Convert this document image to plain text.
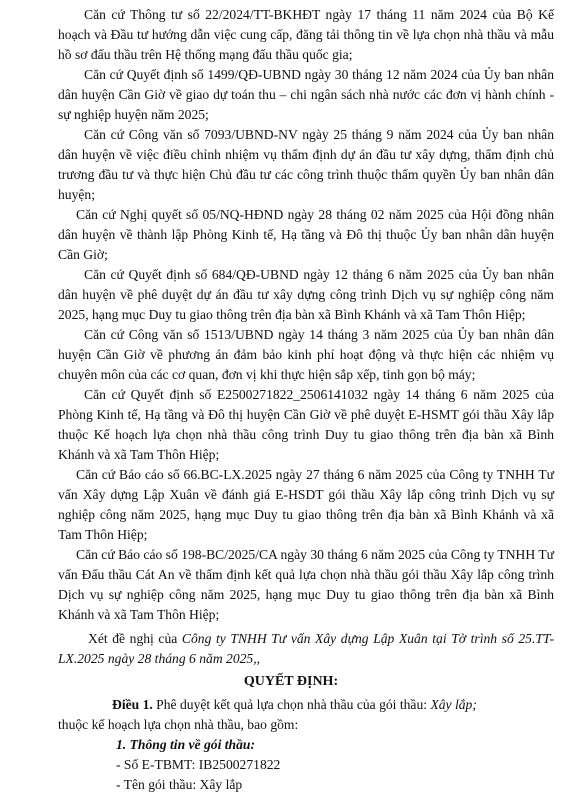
Căn cứ Thông tư số 22/2024/TT-BKHĐT ngày 17 tháng 11 năm 2024 của Bộ Kế hoạch và Đầu tư hướng dẫn việc cung cấp, đăng tải thông tin về lựa chọn nhà thầu và mẫu hồ sơ đấu thầu trên Hệ thống mạng đấu thầu quốc gia;

Căn cứ Quyết định số 1499/QĐ-UBND ngày 30 tháng 12 năm 2024 của Ủy ban nhân dân huyện Cần Giờ về giao dự toán thu – chi ngân sách nhà nước các đơn vị hành chính - sự nghiệp huyện năm 2025;

Căn cứ Công văn số 7093/UBND-NV ngày 25 tháng 9 năm 2024 của Ủy ban nhân dân huyện về việc điều chỉnh nhiệm vụ thẩm định dự án đầu tư xây dựng, thẩm định chủ trương đầu tư và thực hiện Chủ đầu tư các công trình thuộc thẩm quyền Ủy ban nhân dân huyện;

Căn cứ Nghị quyết số 05/NQ-HĐND ngày 28 tháng 02 năm 2025 của Hội đồng nhân dân huyện về thành lập Phòng Kinh tế, Hạ tầng và Đô thị thuộc Ủy ban nhân dân huyện Cần Giờ;

Căn cứ Quyết định số 684/QĐ-UBND ngày 12 tháng 6 năm 2025 của Ủy ban nhân dân huyện về phê duyệt dự án đầu tư xây dựng công trình Dịch vụ sự nghiệp công năm 2025, hạng mục Duy tu giao thông trên địa bàn xã Bình Khánh và xã Tam Thôn Hiệp;

Căn cứ Công văn số 1513/UBND ngày 14 tháng 3 năm 2025 của Ủy ban nhân dân huyện Cần Giờ về phương án đảm bảo kinh phí hoạt động và thực hiện các nhiệm vụ chuyên môn của các cơ quan, đơn vị khi thực hiện sắp xếp, tinh gọn bộ máy;

Căn cứ Quyết định số E2500271822_2506141032 ngày 14 tháng 6 năm 2025 của Phòng Kinh tế, Hạ tầng và Đô thị huyện Cần Giờ về phê duyệt E-HSMT gói thầu Xây lắp thuộc Kế hoạch lựa chọn nhà thầu công trình Duy tu giao thông trên địa bàn xã Bình Khánh và xã Tam Thôn Hiệp;

Căn cứ Báo cáo số 66.BC-LX.2025 ngày 27 tháng 6 năm 2025 của Công ty TNHH Tư vấn Xây dựng Lập Xuân về đánh giá E-HSDT gói thầu Xây lắp công trình Dịch vụ sự nghiệp công năm 2025, hạng mục Duy tu giao thông trên địa bàn xã Bình Khánh và xã Tam Thôn Hiệp;

Căn cứ Báo cáo số 198-BC/2025/CA ngày 30 tháng 6 năm 2025 của Công ty TNHH Tư vấn Đấu thầu Cát An về thẩm định kết quả lựa chọn nhà thầu gói thầu Xây lắp công trình Dịch vụ sự nghiệp công năm 2025, hạng mục Duy tu giao thông trên địa bàn xã Bình Khánh và xã Tam Thôn Hiệp;

Xét đề nghị của Công ty TNHH Tư vấn Xây dựng Lập Xuân tại Tờ trình số 25.TT-LX.2025 ngày 28 tháng 6 năm 2025,,

QUYẾT ĐỊNH:

Điều 1. Phê duyệt kết quả lựa chọn nhà thầu của gói thầu: Xây lắp;

thuộc kế hoạch lựa chọn nhà thầu, bao gồm:

1. Thông tin về gói thầu:

- Số E-TBMT: IB2500271822

- Tên gói thầu: Xây lắp
